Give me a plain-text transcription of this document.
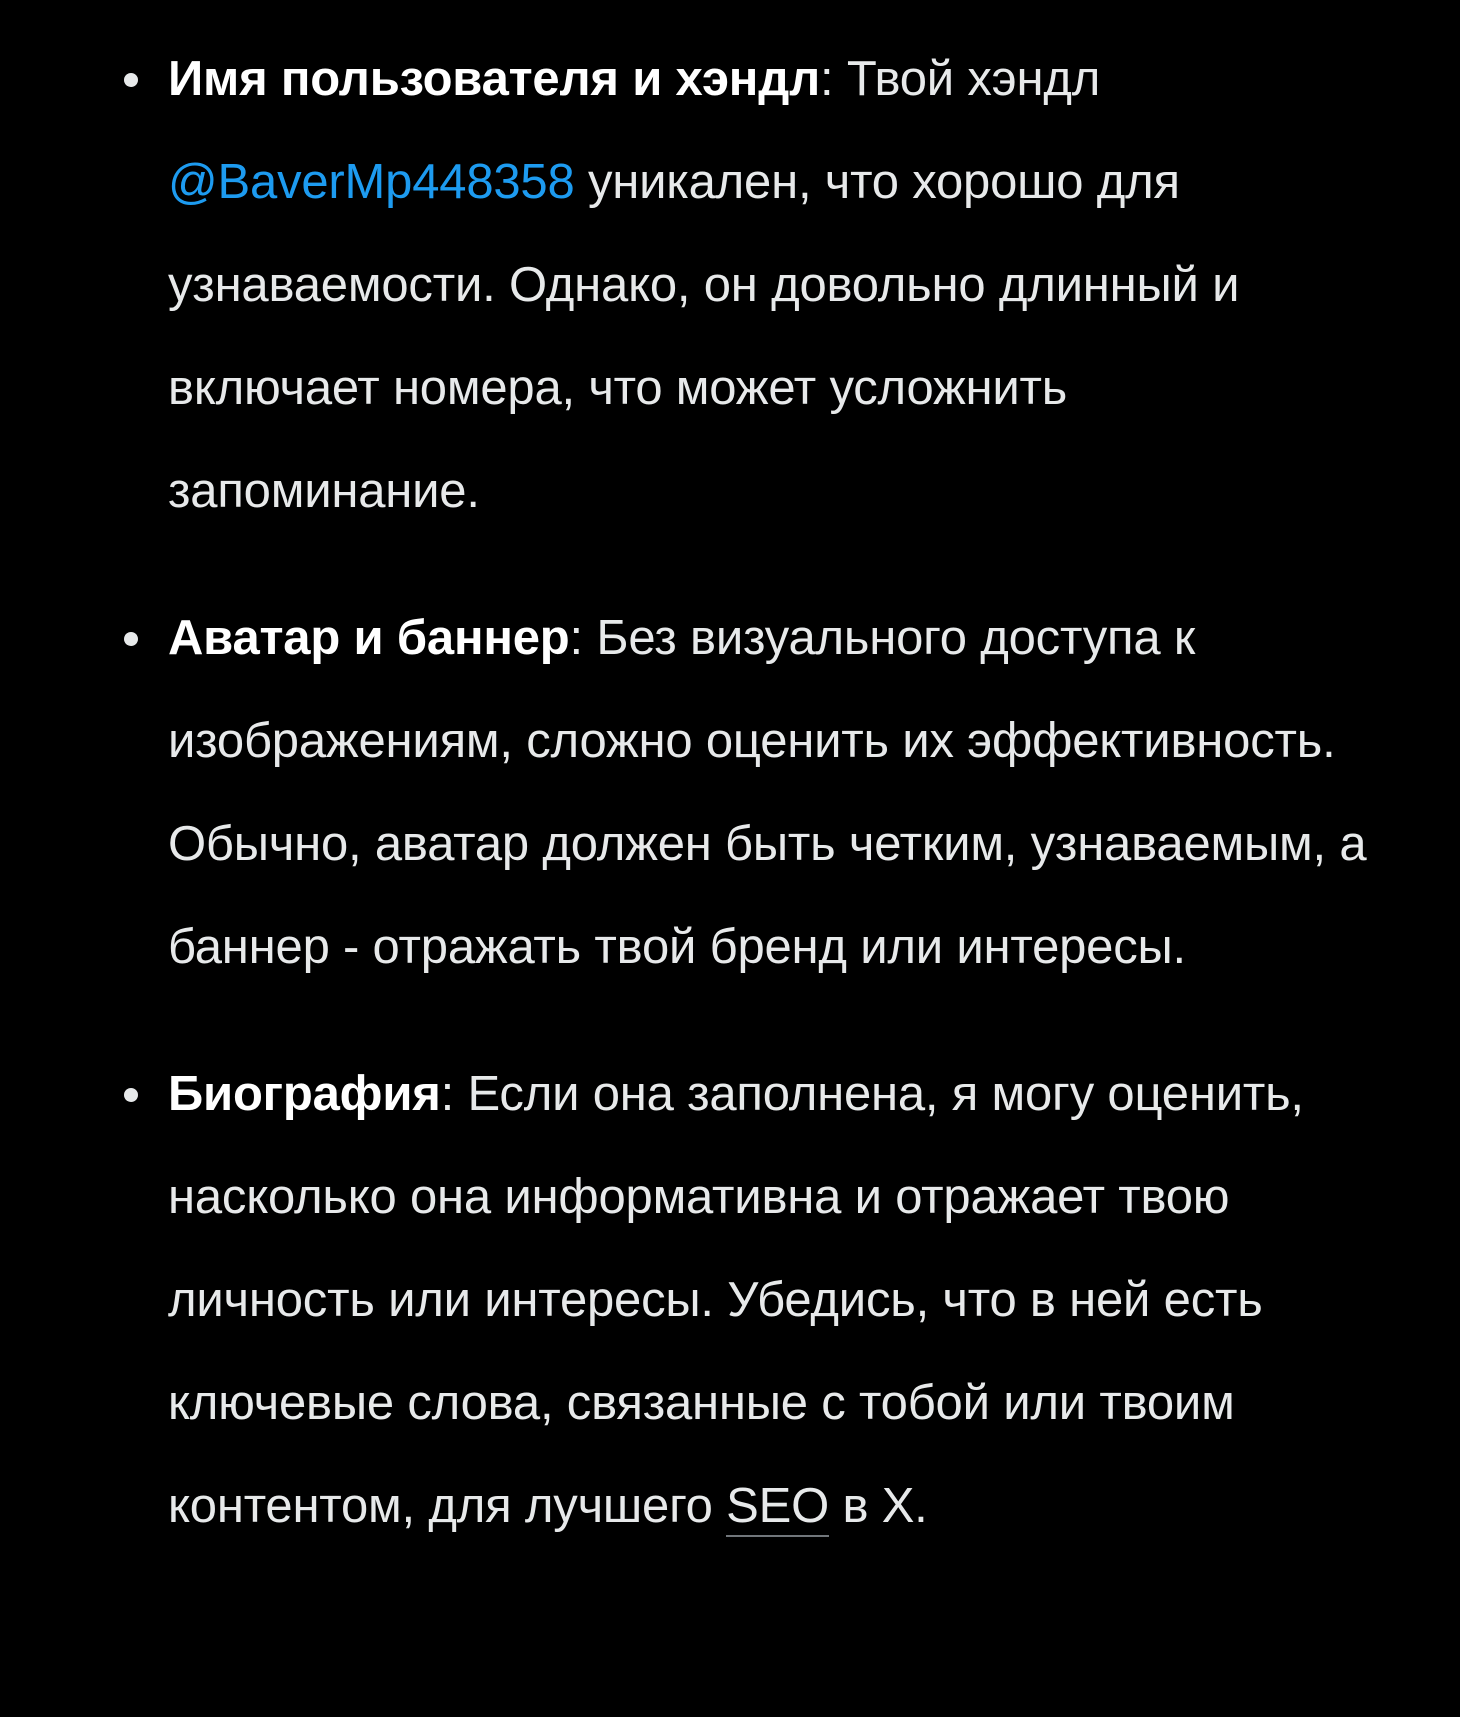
Имя пользователя и хэндл: Твой хэндл @BaverMp448358 уникален, что хорошо для узнаваемости. Однако, он довольно длинный и включает номера, что может усложнить запоминание.
Аватар и баннер: Без визуального доступа к изображениям, сложно оценить их эффективность. Обычно, аватар должен быть четким, узнаваемым, а баннер - отражать твой бренд или интересы.
Биография: Если она заполнена, я могу оценить, насколько она информативна и отражает твою личность или интересы. Убедись, что в ней есть ключевые слова, связанные с тобой или твоим контентом, для лучшего SEO в X.
